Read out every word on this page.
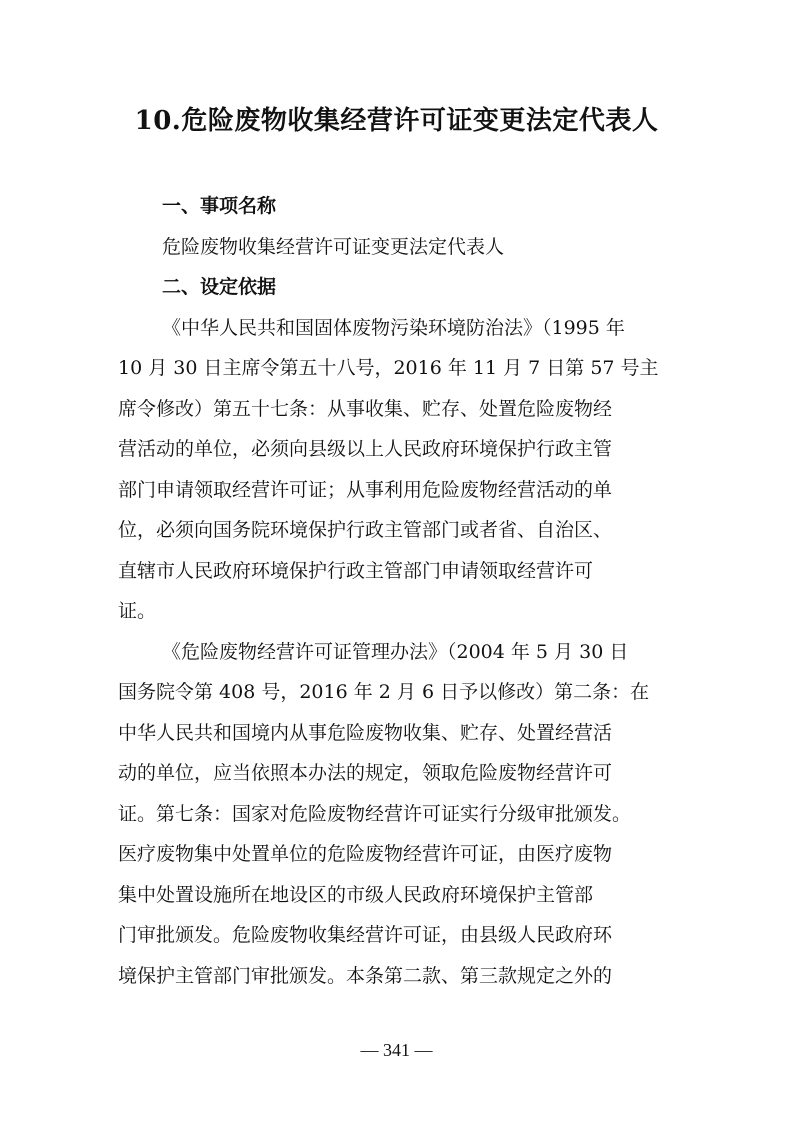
10.危险废物收集经营许可证变更法定代表人

一、事项名称

危险废物收集经营许可证变更法定代表人

二、设定依据

《中华人民共和国固体废物污染环境防治法》（1995 年

10 月 30 日主席令第五十八号，2016 年 11 月 7 日第 57 号主

席令修改）第五十七条：从事收集、贮存、处置危险废物经

营活动的单位，必须向县级以上人民政府环境保护行政主管

部门申请领取经营许可证；从事利用危险废物经营活动的单

位，必须向国务院环境保护行政主管部门或者省、自治区、

直辖市人民政府环境保护行政主管部门申请领取经营许可

证。

《危险废物经营许可证管理办法》（2004 年 5 月 30 日

国务院令第 408 号，2016 年 2 月 6 日予以修改）第二条：在

中华人民共和国境内从事危险废物收集、贮存、处置经营活

动的单位，应当依照本办法的规定，领取危险废物经营许可

证。第七条：国家对危险废物经营许可证实行分级审批颁发。

医疗废物集中处置单位的危险废物经营许可证，由医疗废物

集中处置设施所在地设区的市级人民政府环境保护主管部

门审批颁发。危险废物收集经营许可证，由县级人民政府环

境保护主管部门审批颁发。本条第二款、第三款规定之外的

— 341 —
